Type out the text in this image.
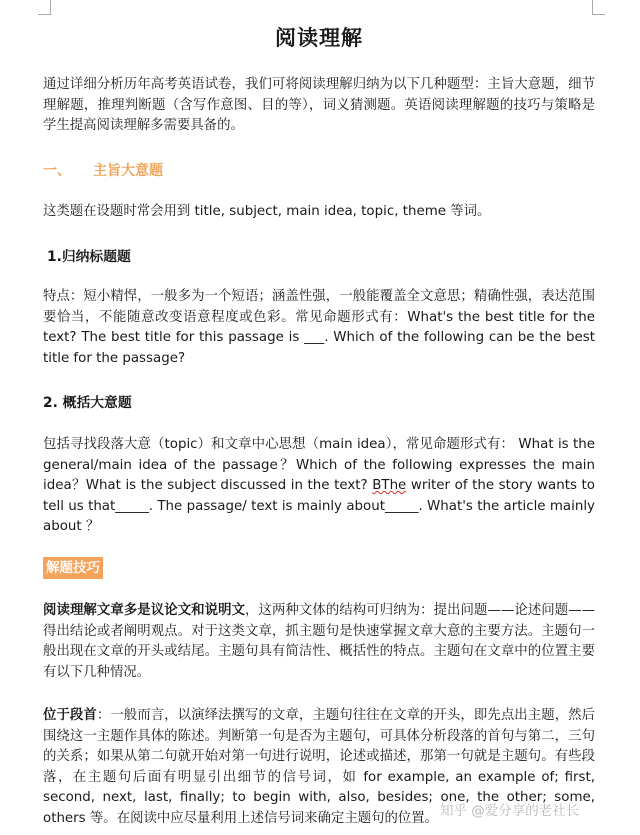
阅读理解

通过详细分析历年高考英语试卷，我们可将阅读理解归纳为以下几种题型：主旨大意题，细节理解题，推理判断题（含写作意图、目的等），词义猜测题。英语阅读理解题的技巧与策略是学生提高阅读理解多需要具备的。

一、 主旨大意题

这类题在设题时常会用到 title, subject, main idea, topic, theme 等词。

1.归纳标题题

特点：短小精悍，一般多为一个短语；涵盖性强，一般能覆盖全文意思；精确性强，表达范围要恰当，不能随意改变语意程度或色彩。常见命题形式有：What's the best title for the text? The best title for this passage is ___. Which of the following can be the best title for the passage?

2. 概括大意题

包括寻找段落大意（topic）和文章中心思想（main idea），常见命题形式有： What is the general/main idea of the passage？Which of the following expresses the main idea？What is the subject discussed in the text? BThe writer of the story wants to tell us that_____. The passage/ text is mainly about_____. What's the article mainly about ？

解题技巧

阅读理解文章多是议论文和说明文，这两种文体的结构可归纳为：提出问题——论述问题——得出结论或者阐明观点。对于这类文章，抓主题句是快速掌握文章大意的主要方法。主题句一般出现在文章的开头或结尾。主题句具有简洁性、概括性的特点。主题句在文章中的位置主要有以下几种情况。

位于段首：一般而言，以演绎法撰写的文章，主题句往往在文章的开头，即先点出主题，然后围绕这一主题作具体的陈述。判断第一句是否为主题句，可具体分析段落的首句与第二，三句的关系；如果从第二句就开始对第一句进行说明，论述或描述，那第一句就是主题句。有些段落，在主题句后面有明显引出细节的信号词，如 for example, an example of; first, second, next, last, finally; to begin with, also, besides; one, the other; some, others 等。在阅读中应尽量利用上述信号词来确定主题句的位置。 知乎 @爱分享的老社长
